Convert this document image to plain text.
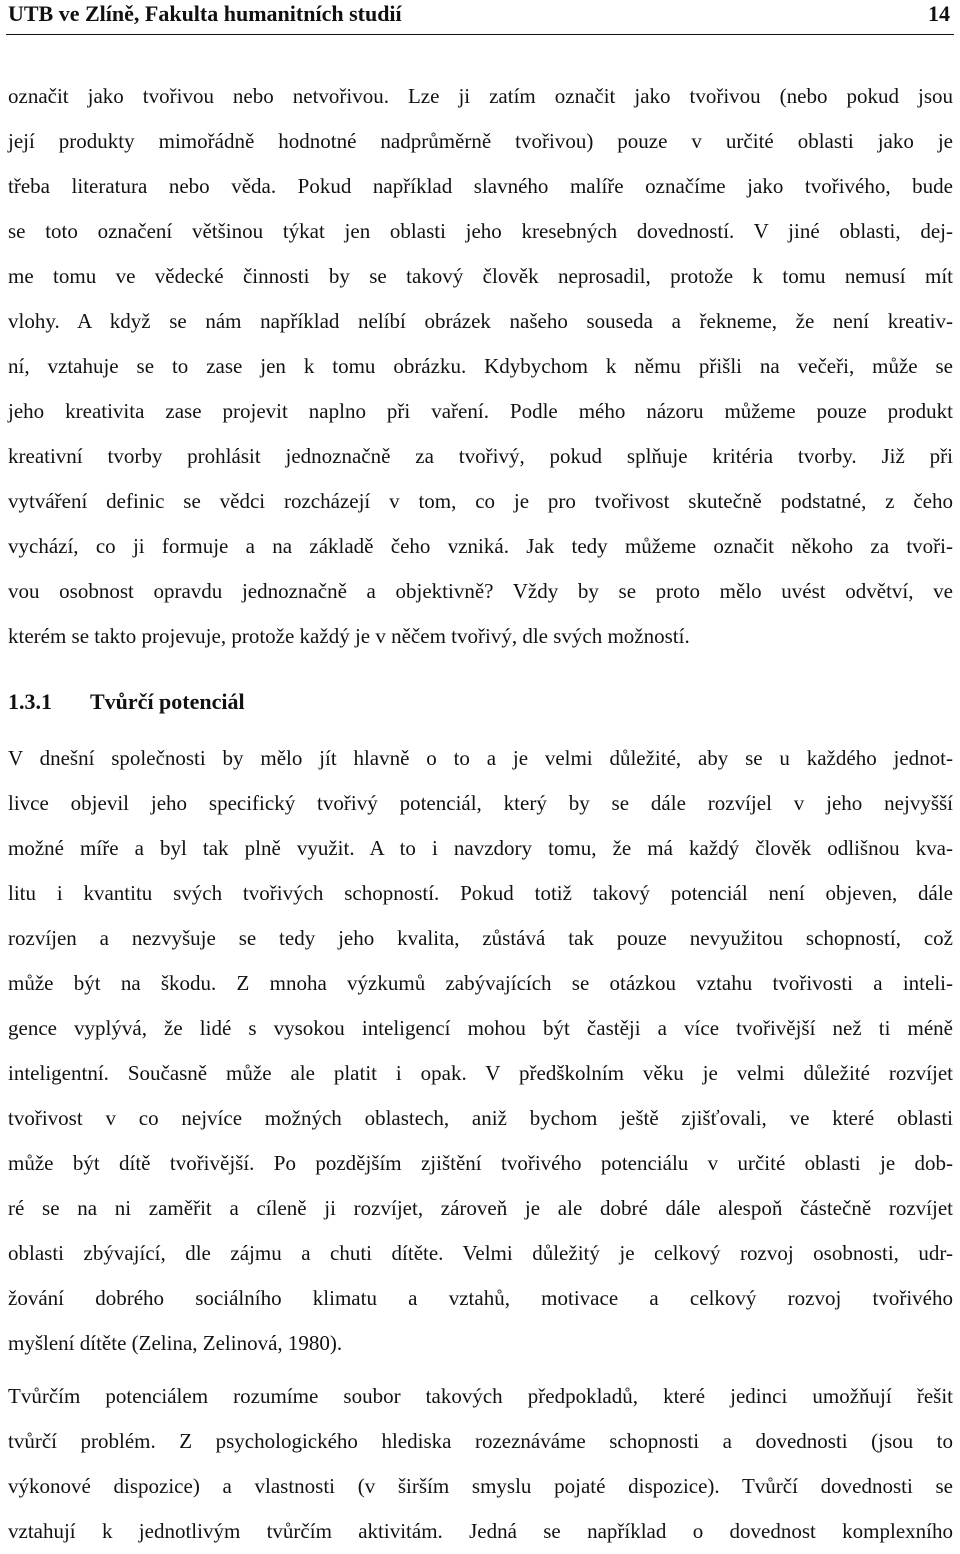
UTB ve Zlíně, Fakulta humanitních studií	14
označit jako tvořivou nebo netvořivou. Lze ji zatím označit jako tvořivou (nebo pokud jsou
její produkty mimořádně hodnotné nadprůměrně tvořivou) pouze v určité oblasti jako je
třeba literatura nebo věda. Pokud například slavného malíře označíme jako tvořivého, bude
se toto označení většinou týkat jen oblasti jeho kresebných dovedností. V jiné oblasti, dej-
me tomu ve vědecké činnosti by se takový člověk neprosadil, protože k tomu nemusí mít
vlohy. A když se nám například nelíbí obrázek našeho souseda a řekneme, že není kreativ-
ní, vztahuje se to zase jen k tomu obrázku. Kdybychom k němu přišli na večeři, může se
jeho kreativita zase projevit naplno při vaření. Podle mého názoru můžeme pouze produkt
kreativní tvorby prohlásit jednoznačně za tvořivý, pokud splňuje kritéria tvorby. Již při
vytváření definic se vědci rozcházejí v tom, co je pro tvořivost skutečně podstatné, z čeho
vychází, co ji formuje a na základě čeho vzniká. Jak tedy můžeme označit někoho za tvoři-
vou osobnost opravdu jednoznačně a objektivně? Vždy by se proto mělo uvést odvětví, ve
kterém se takto projevuje, protože každý je v něčem tvořivý, dle svých možností.
1.3.1 Tvůrčí potenciál
V dnešní společnosti by mělo jít hlavně o to a je velmi důležité, aby se u každého jednot-
livce objevil jeho specifický tvořivý potenciál, který by se dále rozvíjel v jeho nejvyšší
možné míře a byl tak plně využit. A to i navzdory tomu, že má každý člověk odlišnou kva-
litu i kvantitu svých tvořivých schopností. Pokud totiž takový potenciál není objeven, dále
rozvíjen a nezvyšuje se tedy jeho kvalita, zůstává tak pouze nevyužitou schopností, což
může být na škodu. Z mnoha výzkumů zabývajících se otázkou vztahu tvořivosti a inteli-
gence vyplývá, že lidé s vysokou inteligencí mohou být častěji a více tvořivější než ti méně
inteligentní. Současně může ale platit i opak. V předškolním věku je velmi důležité rozvíjet
tvořivost v co nejvíce možných oblastech, aniž bychom ještě zjišťovali, ve které oblasti
může být dítě tvořivější. Po pozdějším zjištění tvořivého potenciálu v určité oblasti je dob-
ré se na ni zaměřit a cíleně ji rozvíjet, zároveň je ale dobré dále alespoň částečně rozvíjet
oblasti zbývající, dle zájmu a chuti dítěte. Velmi důležitý je celkový rozvoj osobnosti, udr-
žování dobrého sociálního klimatu a vztahů, motivace a celkový rozvoj tvořivého
myšlení dítěte (Zelina, Zelinová, 1980).
Tvůrčím potenciálem rozumíme soubor takových předpokladů, které jedinci umožňují řešit
tvůrčí problém. Z psychologického hlediska rozeznáváme schopnosti a dovednosti (jsou to
výkonové dispozice) a vlastnosti (v širším smyslu pojaté dispozice). Tvůrčí dovednosti se
vztahují k jednotlivým tvůrčím aktivitám. Jedná se například o dovednost komplexního
